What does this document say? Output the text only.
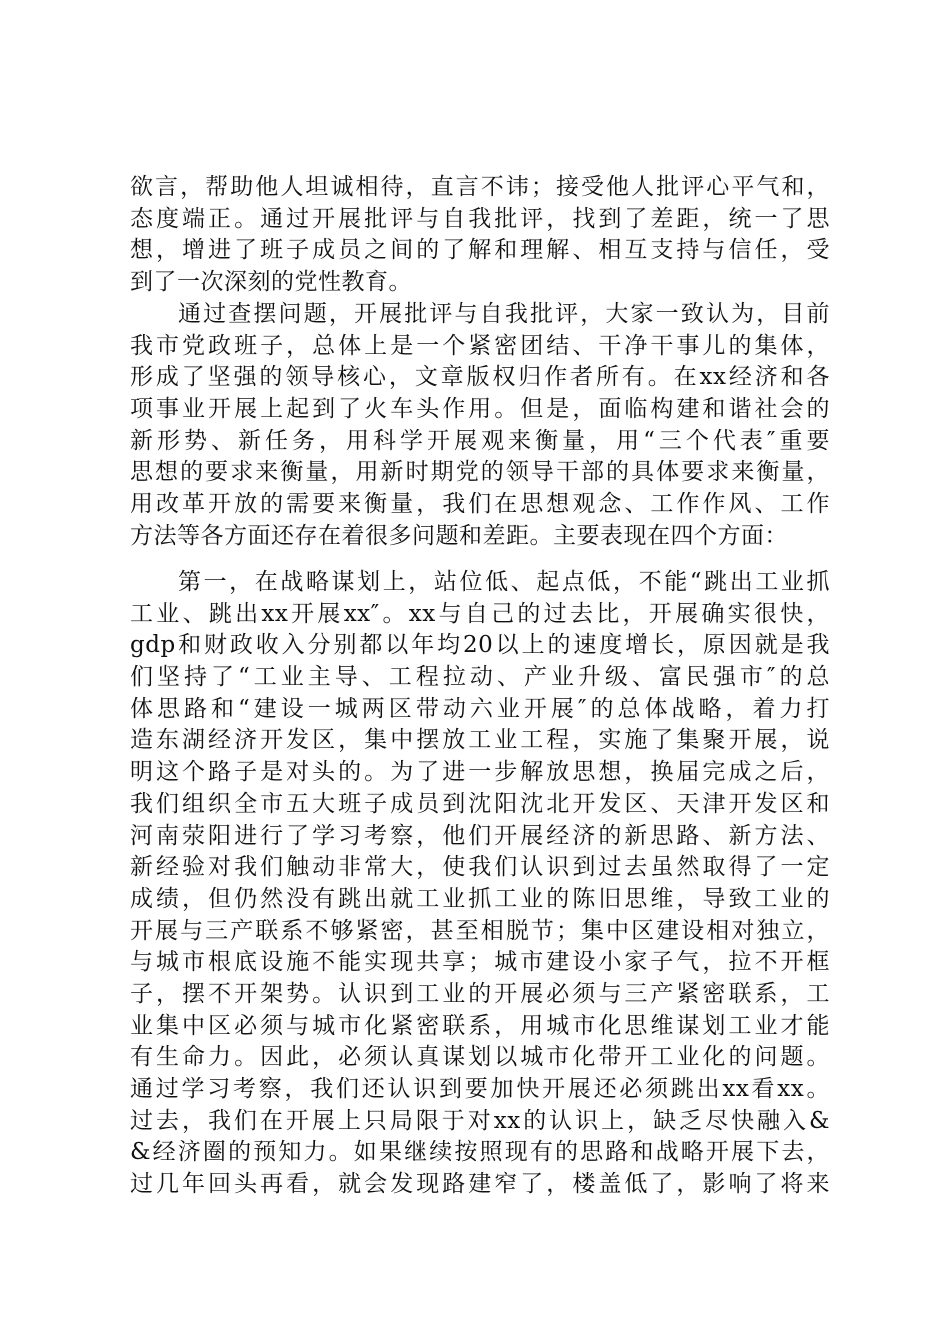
欲言，帮助他人坦诚相待，直言不讳；接受他人批评心平气和，
态度端正。通过开展批评与自我批评，找到了差距，统一了思
想，增进了班子成员之间的了解和理解、相互支持与信任，受
到了一次深刻的党性教育。
通过查摆问题，开展批评与自我批评，大家一致认为，目前
我市党政班子，总体上是一个紧密团结、干净干事儿的集体，
形成了坚强的领导核心，文章版权归作者所有。在xx经济和各
项事业开展上起到了火车头作用。但是，面临构建和谐社会的
新形势、新任务，用科学开展观来衡量，用“三个代表″重要
思想的要求来衡量，用新时期党的领导干部的具体要求来衡量，
用改革开放的需要来衡量，我们在思想观念、工作作风、工作
方法等各方面还存在着很多问题和差距。主要表现在四个方面：
第一，在战略谋划上，站位低、起点低，不能“跳出工业抓
工业、跳出xx开展xx″。xx与自己的过去比，开展确实很快，
gdp和财政收入分别都以年均20以上的速度增长，原因就是我
们坚持了“工业主导、工程拉动、产业升级、富民强市″的总
体思路和“建设一城两区带动六业开展″的总体战略，着力打
造东湖经济开发区，集中摆放工业工程，实施了集聚开展，说
明这个路子是对头的。为了进一步解放思想，换届完成之后，
我们组织全市五大班子成员到沈阳沈北开发区、天津开发区和
河南荥阳进行了学习考察，他们开展经济的新思路、新方法、
新经验对我们触动非常大，使我们认识到过去虽然取得了一定
成绩，但仍然没有跳出就工业抓工业的陈旧思维，导致工业的
开展与三产联系不够紧密，甚至相脱节；集中区建设相对独立，
与城市根底设施不能实现共享；城市建设小家子气，拉不开框
子，摆不开架势。认识到工业的开展必须与三产紧密联系，工
业集中区必须与城市化紧密联系，用城市化思维谋划工业才能
有生命力。因此，必须认真谋划以城市化带开工业化的问题。
通过学习考察，我们还认识到要加快开展还必须跳出xx看xx。
过去，我们在开展上只局限于对xx的认识上，缺乏尽快融入&
&经济圈的预知力。如果继续按照现有的思路和战略开展下去，
过几年回头再看，就会发现路建窄了，楼盖低了，影响了将来
